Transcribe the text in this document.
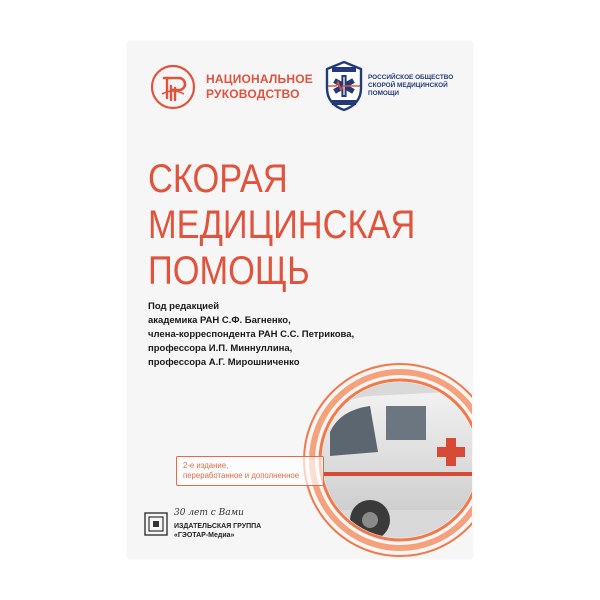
НАЦИОНАЛЬНОЕ
РУКОВОДСТВО
РОССИЙСКОЕ ОБЩЕСТВО
СКОРОЙ МЕДИЦИНСКОЙ
ПОМОЩИ
СКОРАЯ
МЕДИЦИНСКАЯ
ПОМОЩЬ
Под редакцией
академика РАН С.Ф. Багненко,
члена-корреспондента РАН С.С. Петрикова,
профессора И.П. Миннуллина,
профессора А.Г. Мирошниченко
2-е издание,
переработанное и дополненное
30 лет с Вами
ИЗДАТЕЛЬСКАЯ ГРУППА
«ГЭОТАР-Медиа»
